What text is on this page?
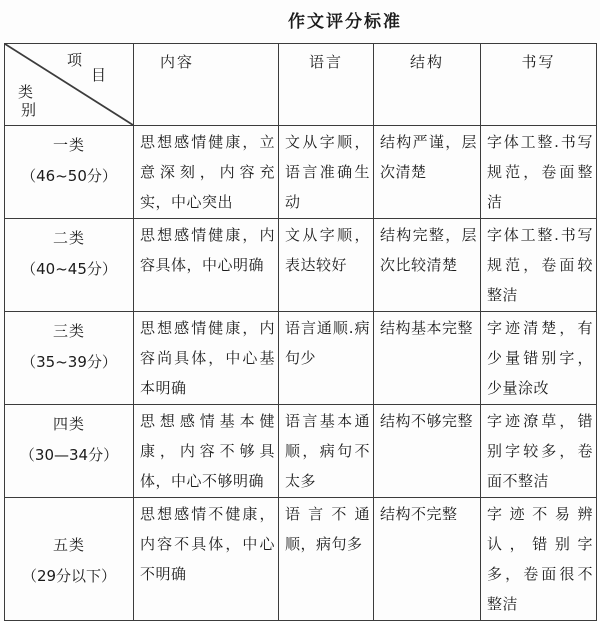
作文评分标准
项
目
类
别	内容	语言	结构	书写

一类
（46~50分）	思想感情健康，立意深刻，内容充实，中心突出	文从字顺，语言准确生动	结构严谨，层次清楚	字体工整.书写规范，卷面整洁

二类
（40~45分）	思想感情健康，内容具体，中心明确	文从字顺，表达较好	结构完整，层次比较清楚	字体工整.书写规范，卷面较整洁

三类
（35~39分）	思想感情健康，内容尚具体，中心基本明确	语言通顺.病句少	结构基本完整	字迹清楚，有少量错别字，少量涂改

四类
（30—34分）	思想感情基本健康，内容不够具体，中心不够明确	语言基本通顺，病句不太多	结构不够完整	字迹潦草，错别字较多，卷面不整洁

五类
（29分以下）	思想感情不健康，内容不具体，中心不明确	语言不通顺，病句多	结构不完整	字迹不易辨认，错别字多，卷面很不整洁
